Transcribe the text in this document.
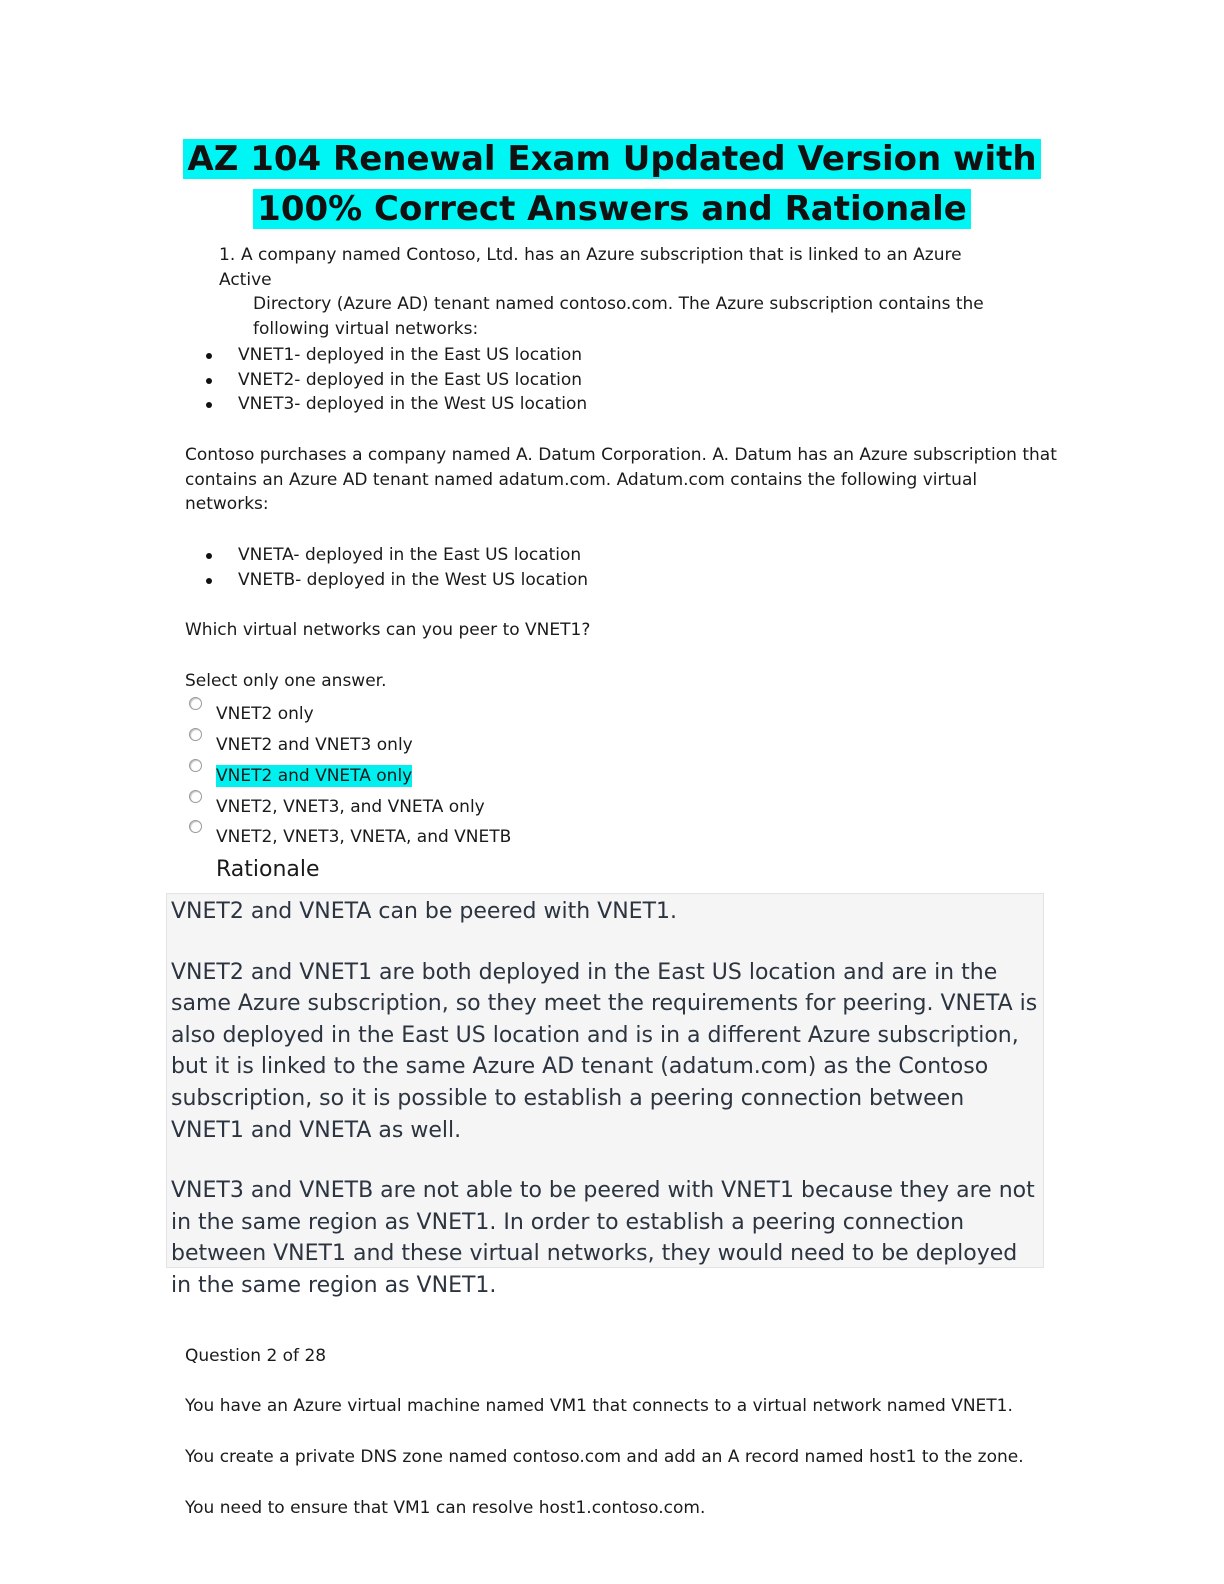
AZ 104 Renewal Exam Updated Version with
100% Correct Answers and Rationale
1. A company named Contoso, Ltd. has an Azure subscription that is linked to an Azure Active
Directory (Azure AD) tenant named contoso.com. The Azure subscription contains the
following virtual networks:
VNET1- deployed in the East US location
VNET2- deployed in the East US location
VNET3- deployed in the West US location
Contoso purchases a company named A. Datum Corporation. A. Datum has an Azure subscription that
contains an Azure AD tenant named adatum.com. Adatum.com contains the following virtual
networks:
VNETA- deployed in the East US location
VNETB- deployed in the West US location
Which virtual networks can you peer to VNET1?
Select only one answer.
VNET2 only
VNET2 and VNET3 only
VNET2 and VNETA only
VNET2, VNET3, and VNETA only
VNET2, VNET3, VNETA, and VNETB
Rationale

VNET2 and VNETA can be peered with VNET1.

VNET2 and VNET1 are both deployed in the East US location and are in the same Azure subscription, so they meet the requirements for peering. VNETA is also deployed in the East US location and is in a different Azure subscription, but it is linked to the same Azure AD tenant (adatum.com) as the Contoso subscription, so it is possible to establish a peering connection between VNET1 and VNETA as well.

VNET3 and VNETB are not able to be peered with VNET1 because they are not in the same region as VNET1. In order to establish a peering connection between VNET1 and these virtual networks, they would need to be deployed in the same region as VNET1.

Question 2 of 28
You have an Azure virtual machine named VM1 that connects to a virtual network named VNET1.
You create a private DNS zone named contoso.com and add an A record named host1 to the zone.
You need to ensure that VM1 can resolve host1.contoso.com.
